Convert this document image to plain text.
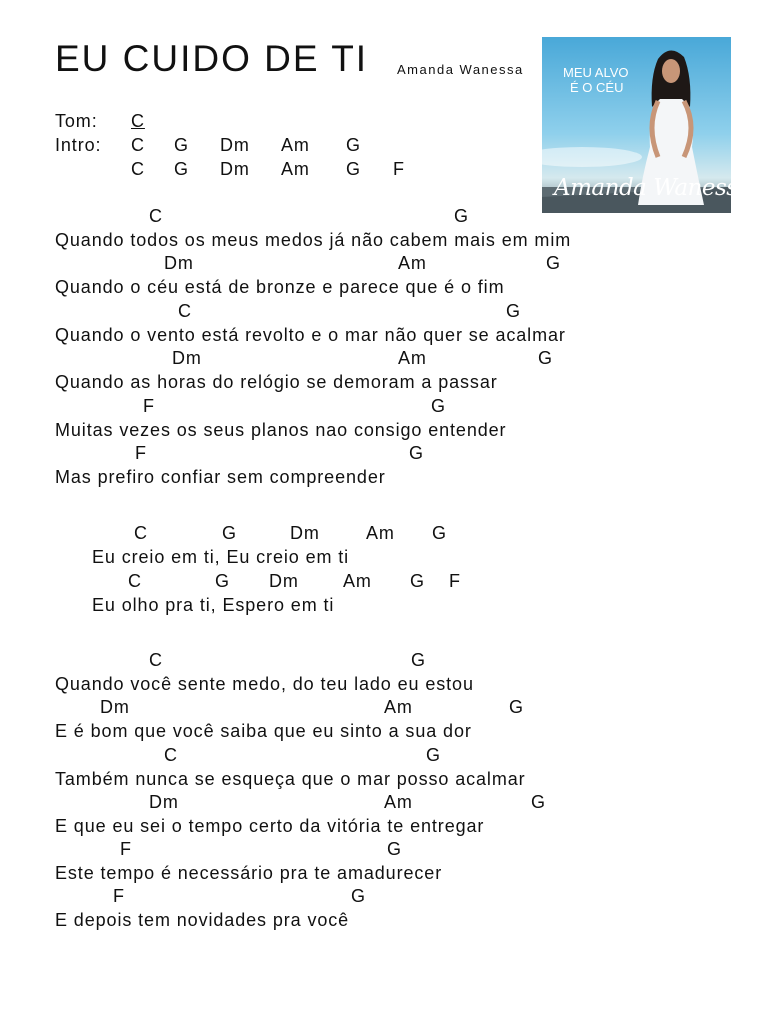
EU CUIDO DE TI Amanda Wanessa	MEU ALVO
É O CÉU
Amanda Wanessa
Tom: C
Intro: C G Dm Am G
C G Dm Am G F
C	G
Quando todos os meus medos já não cabem mais em mim
Dm	Am	G
Quando o céu está de bronze e parece que é o fim
C	G
Quando o vento está revolto e o mar não quer se acalmar
Dm	Am	G
Quando as horas do relógio se demoram a passar
F	G
Muitas vezes os seus planos nao consigo entender
F	G
Mas prefiro confiar sem compreender
C	G	Dm	Am G
Eu creio em ti, Eu creio em ti
C	G Dm Am G F
Eu olho pra ti, Espero em ti
C	G
Quando você sente medo, do teu lado eu estou
Dm	Am	G
E é bom que você saiba que eu sinto a sua dor
C	G
Também nunca se esqueça que o mar posso acalmar
Dm	Am	G
E que eu sei o tempo certo da vitória te entregar
F	G
Este tempo é necessário pra te amadurecer
F	G
E depois tem novidades pra você
